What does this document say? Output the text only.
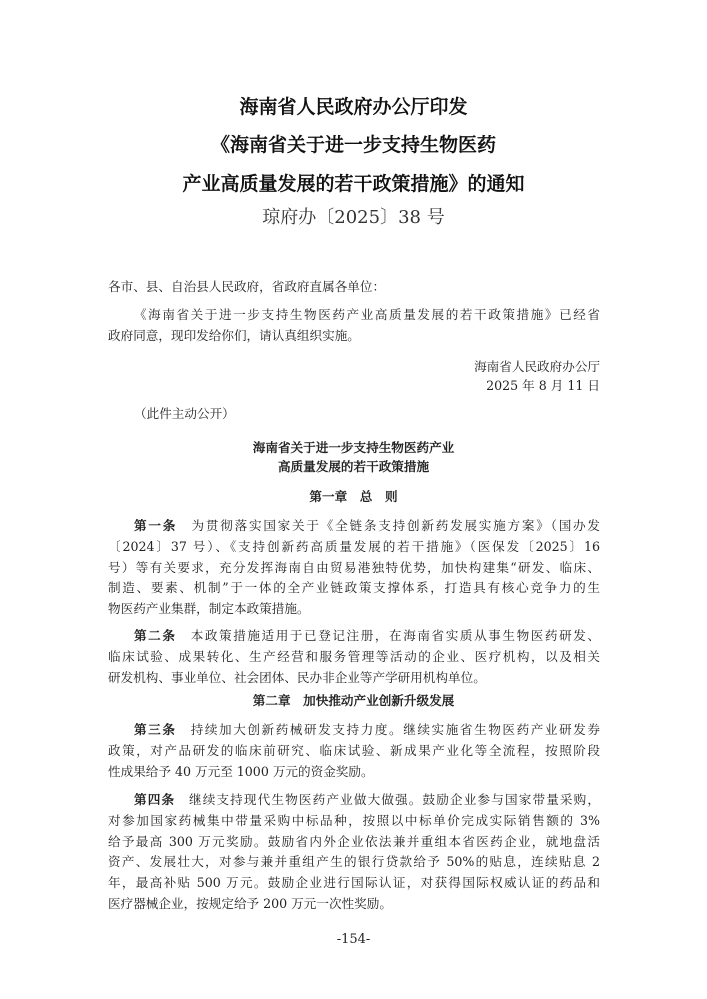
海南省人民政府办公厅印发
《海南省关于进一步支持生物医药
产业高质量发展的若干政策措施》的通知
琼府办〔2025〕38 号
各市、县、自治县人民政府，省政府直属各单位：
《海南省关于进一步支持生物医药产业高质量发展的若干政策措施》已经省
政府同意，现印发给你们，请认真组织实施。
海南省人民政府办公厅
2025 年 8 月 11 日
（此件主动公开）
海南省关于进一步支持生物医药产业
高质量发展的若干政策措施
第一章　总　则
第一条　 为贯彻落实国家关于《全链条支持创新药发展实施方案》（国办发
〔2024〕37 号）、《支持创新药高质量发展的若干措施》（医保发〔2025〕16
号）等有关要求，充分发挥海南自由贸易港独特优势，加快构建集“研发、临床、
制造、要素、机制”于一体的全产业链政策支撑体系，打造具有核心竞争力的生
物医药产业集群，制定本政策措施。
第二条　 本政策措施适用于已登记注册，在海南省实质从事生物医药研发、
临床试验、成果转化、生产经营和服务管理等活动的企业、医疗机构，以及相关
研发机构、事业单位、社会团体、民办非企业等产学研用机构单位。
第二章　加快推动产业创新升级发展
第三条　 持续加大创新药械研发支持力度。继续实施省生物医药产业研发券
政策，对产品研发的临床前研究、临床试验、新成果产业化等全流程，按照阶段
性成果给予 40 万元至 1000 万元的资金奖励。
第四条　 继续支持现代生物医药产业做大做强。鼓励企业参与国家带量采购，
对参加国家药械集中带量采购中标品种，按照以中标单价完成实际销售额的 3%
给予最高 300 万元奖励。鼓励省内外企业依法兼并重组本省医药企业，就地盘活
资产、发展壮大，对参与兼并重组产生的银行贷款给予 50%的贴息，连续贴息 2
年，最高补贴 500 万元。鼓励企业进行国际认证，对获得国际权威认证的药品和
医疗器械企业，按规定给予 200 万元一次性奖励。
-154-
